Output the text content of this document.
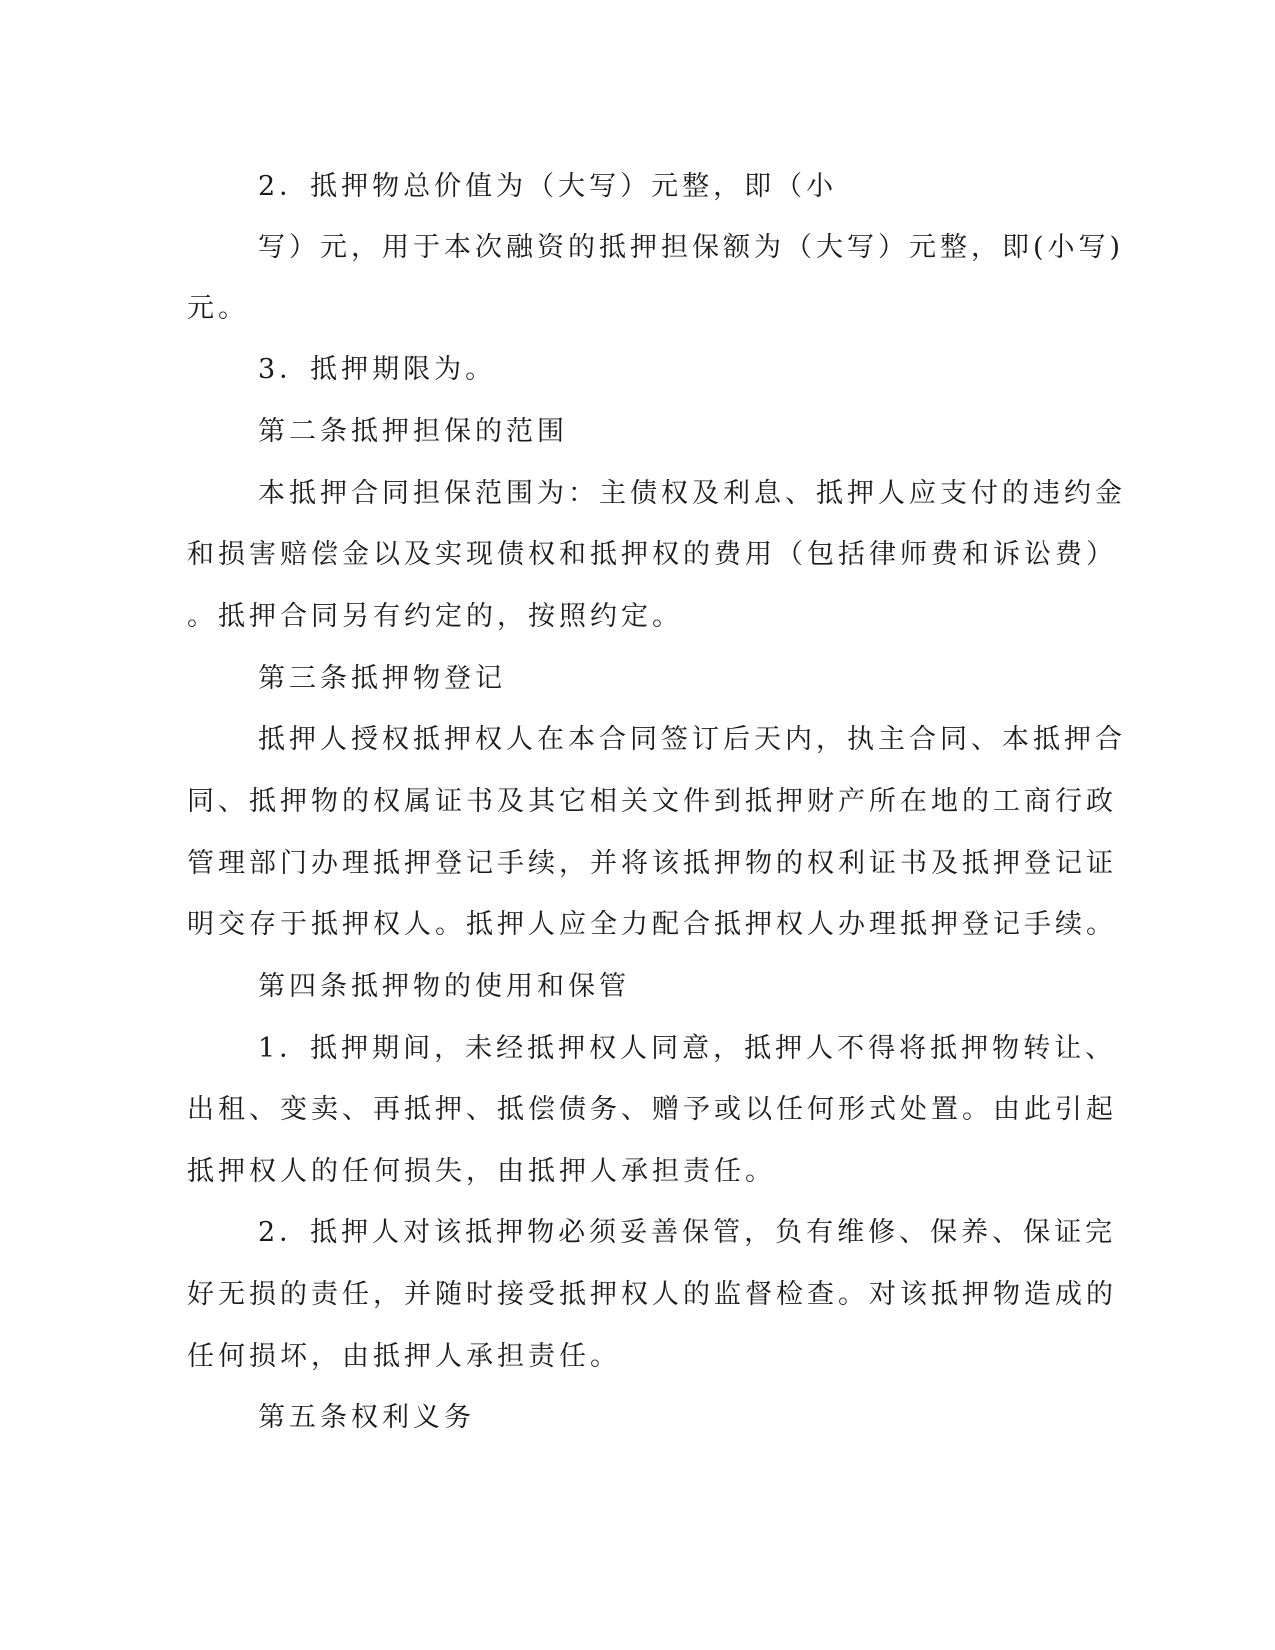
2．抵押物总价值为（大写）元整，即（小
写）元，用于本次融资的抵押担保额为（大写）元整，即(小写)
元。
3．抵押期限为。
第二条抵押担保的范围
本抵押合同担保范围为：主债权及利息、抵押人应支付的违约金
和损害赔偿金以及实现债权和抵押权的费用（包括律师费和诉讼费）
。抵押合同另有约定的，按照约定。
第三条抵押物登记
抵押人授权抵押权人在本合同签订后天内，执主合同、本抵押合
同、抵押物的权属证书及其它相关文件到抵押财产所在地的工商行政
管理部门办理抵押登记手续，并将该抵押物的权利证书及抵押登记证
明交存于抵押权人。抵押人应全力配合抵押权人办理抵押登记手续。
第四条抵押物的使用和保管
1．抵押期间，未经抵押权人同意，抵押人不得将抵押物转让、
出租、变卖、再抵押、抵偿债务、赠予或以任何形式处置。由此引起
抵押权人的任何损失，由抵押人承担责任。
2．抵押人对该抵押物必须妥善保管，负有维修、保养、保证完
好无损的责任，并随时接受抵押权人的监督检查。对该抵押物造成的
任何损坏，由抵押人承担责任。
第五条权利义务
